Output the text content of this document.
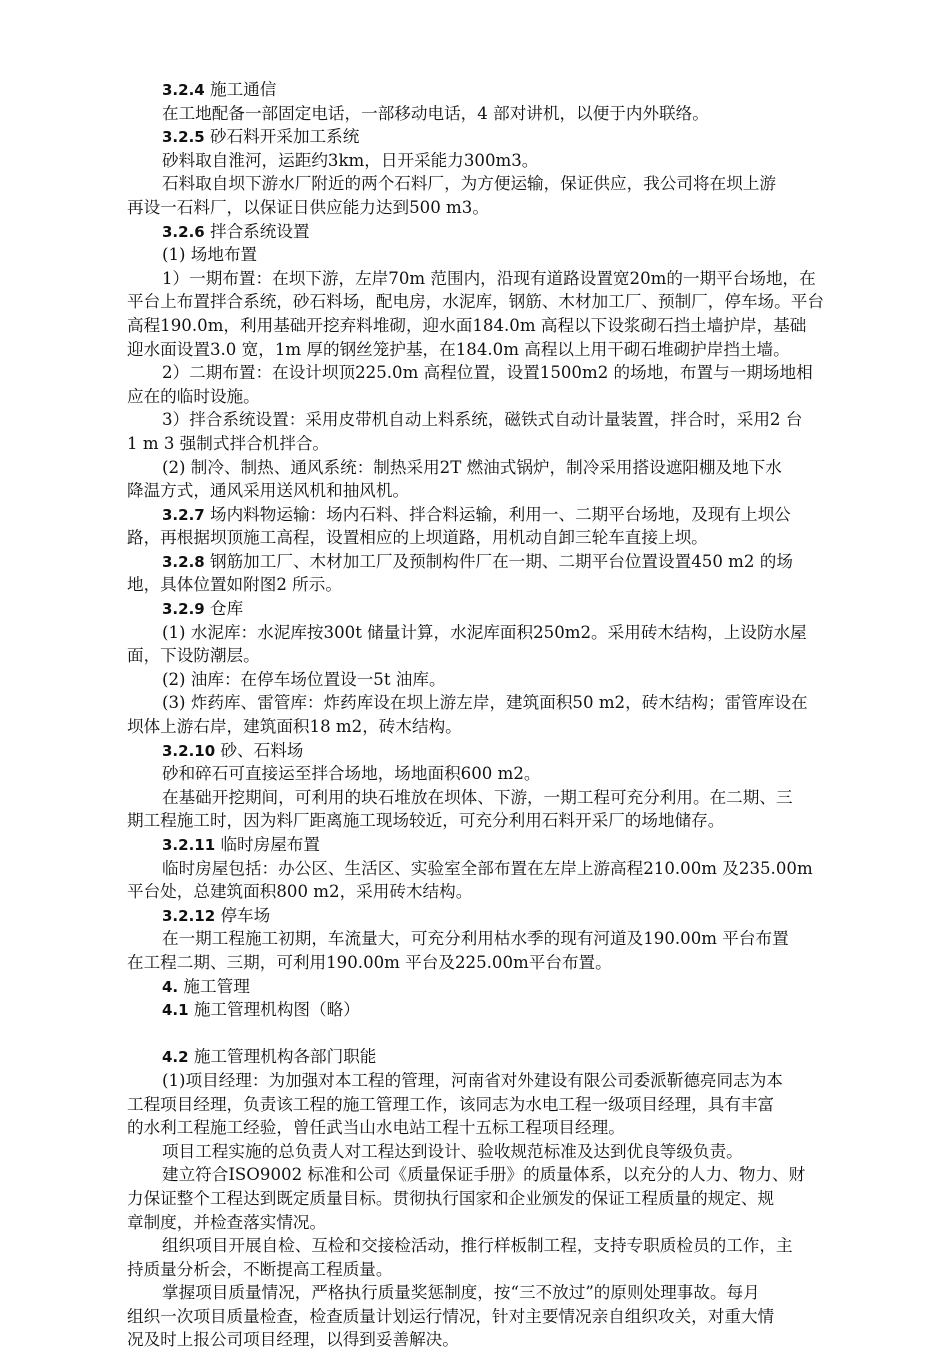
3.2.4 施工通信
在工地配备一部固定电话，一部移动电话，4 部对讲机，以便于内外联络。
3.2.5 砂石料开采加工系统
砂料取自淮河，运距约3km，日开采能力300m3。
石料取自坝下游水厂附近的两个石料厂，为方便运输，保证供应，我公司将在坝上游
再设一石料厂，以保证日供应能力达到500 m3。
3.2.6 拌合系统设置
(1) 场地布置
1）一期布置：在坝下游，左岸70m 范围内，沿现有道路设置宽20m的一期平台场地，在
平台上布置拌合系统，砂石料场，配电房，水泥库，钢筋、木材加工厂、预制厂，停车场。平台
高程190.0m，利用基础开挖弃料堆砌，迎水面184.0m 高程以下设浆砌石挡土墙护岸，基础
迎水面设置3.0 宽，1m 厚的钢丝笼护基，在184.0m 高程以上用干砌石堆砌护岸挡土墙。
2）二期布置：在设计坝顶225.0m 高程位置，设置1500m2 的场地，布置与一期场地相
应在的临时设施。
3）拌合系统设置：采用皮带机自动上料系统，磁铁式自动计量装置，拌合时，采用2 台
1 m 3 强制式拌合机拌合。
(2) 制冷、制热、通风系统：制热采用2T 燃油式锅炉，制冷采用搭设遮阳棚及地下水
降温方式，通风采用送风机和抽风机。
3.2.7 场内料物运输：场内石料、拌合料运输，利用一、二期平台场地，及现有上坝公
路，再根据坝顶施工高程，设置相应的上坝道路，用机动自卸三轮车直接上坝。
3.2.8 钢筋加工厂、木材加工厂及预制构件厂在一期、二期平台位置设置450 m2 的场
地，具体位置如附图2 所示。
3.2.9 仓库
(1) 水泥库：水泥库按300t 储量计算，水泥库面积250m2。采用砖木结构，上设防水屋
面，下设防潮层。
(2) 油库：在停车场位置设一5t 油库。
(3) 炸药库、雷管库：炸药库设在坝上游左岸，建筑面积50 m2，砖木结构；雷管库设在
坝体上游右岸，建筑面积18 m2，砖木结构。
3.2.10 砂、石料场
砂和碎石可直接运至拌合场地，场地面积600 m2。
在基础开挖期间，可利用的块石堆放在坝体、下游，一期工程可充分利用。在二期、三
期工程施工时，因为料厂距离施工现场较近，可充分利用石料开采厂的场地储存。
3.2.11 临时房屋布置
临时房屋包括：办公区、生活区、实验室全部布置在左岸上游高程210.00m 及235.00m
平台处，总建筑面积800 m2，采用砖木结构。
3.2.12 停车场
在一期工程施工初期，车流量大，可充分利用枯水季的现有河道及190.00m 平台布置
在工程二期、三期，可利用190.00m 平台及225.00m平台布置。
4. 施工管理
4.1 施工管理机构图（略）
4.2 施工管理机构各部门职能
(1)项目经理：为加强对本工程的管理，河南省对外建设有限公司委派靳德亮同志为本
工程项目经理，负责该工程的施工管理工作，该同志为水电工程一级项目经理，具有丰富
的水利工程施工经验，曾任武当山水电站工程十五标工程项目经理。
项目工程实施的总负责人对工程达到设计、验收规范标准及达到优良等级负责。
建立符合ISO9002 标准和公司《质量保证手册》的质量体系，以充分的人力、物力、财
力保证整个工程达到既定质量目标。贯彻执行国家和企业颁发的保证工程质量的规定、规
章制度，并检查落实情况。
组织项目开展自检、互检和交接检活动，推行样板制工程，支持专职质检员的工作，主
持质量分析会，不断提高工程质量。
掌握项目质量情况，严格执行质量奖惩制度，按“三不放过”的原则处理事故。每月
组织一次项目质量检查，检查质量计划运行情况，针对主要情况亲自组织攻关，对重大情
况及时上报公司项目经理，以得到妥善解决。
